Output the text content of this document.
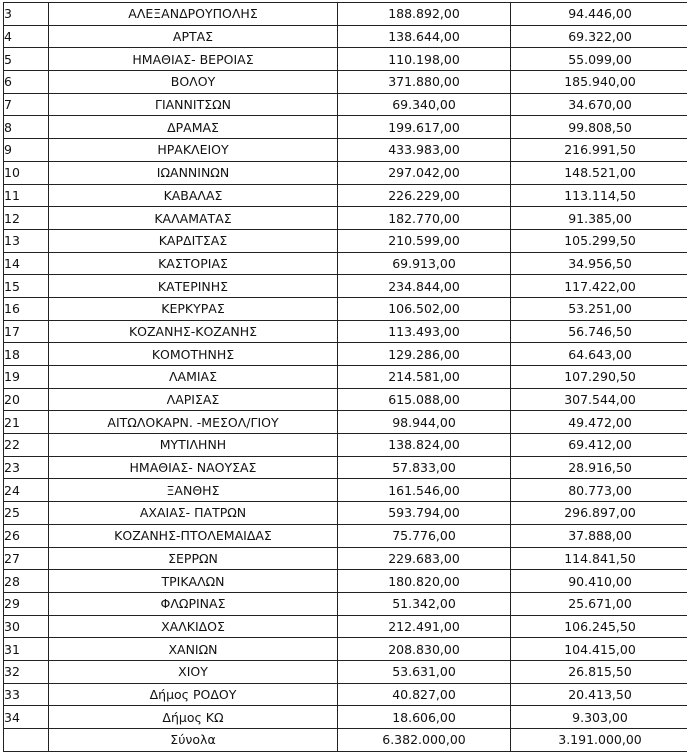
3	ΑΛΕΞΑΝΔΡΟΥΠΟΛΗΣ	188.892,00	94.446,00
4	ΑΡΤΑΣ	138.644,00	69.322,00
5	ΗΜΑΘΙΑΣ- ΒΕΡΟΙΑΣ	110.198,00	55.099,00
6	ΒΟΛΟΥ	371.880,00	185.940,00
7	ΓΙΑΝΝΙΤΣΩΝ	69.340,00	34.670,00
8	ΔΡΑΜΑΣ	199.617,00	99.808,50
9	ΗΡΑΚΛΕΙΟΥ	433.983,00	216.991,50
10	ΙΩΑΝΝΙΝΩΝ	297.042,00	148.521,00
11	ΚΑΒΑΛΑΣ	226.229,00	113.114,50
12	ΚΑΛΑΜΑΤΑΣ	182.770,00	91.385,00
13	ΚΑΡΔΙΤΣΑΣ	210.599,00	105.299,50
14	ΚΑΣΤΟΡΙΑΣ	69.913,00	34.956,50
15	ΚΑΤΕΡΙΝΗΣ	234.844,00	117.422,00
16	ΚΕΡΚΥΡΑΣ	106.502,00	53.251,00
17	ΚΟΖΑΝΗΣ-ΚΟΖΑΝΗΣ	113.493,00	56.746,50
18	ΚΟΜΟΤΗΝΗΣ	129.286,00	64.643,00
19	ΛΑΜΙΑΣ	214.581,00	107.290,50
20	ΛΑΡΙΣΑΣ	615.088,00	307.544,00
21	ΑΙΤΩΛΟΚΑΡΝ. -ΜΕΣΟΛ/ΓΙΟΥ	98.944,00	49.472,00
22	ΜΥΤΙΛΗΝΗ	138.824,00	69.412,00
23	ΗΜΑΘΙΑΣ- ΝΑΟΥΣΑΣ	57.833,00	28.916,50
24	ΞΑΝΘΗΣ	161.546,00	80.773,00
25	ΑΧΑΙΑΣ- ΠΑΤΡΩΝ	593.794,00	296.897,00
26	ΚΟΖΑΝΗΣ-ΠΤΟΛΕΜΑΙΔΑΣ	75.776,00	37.888,00
27	ΣΕΡΡΩΝ	229.683,00	114.841,50
28	ΤΡΙΚΑΛΩΝ	180.820,00	90.410,00
29	ΦΛΩΡΙΝΑΣ	51.342,00	25.671,00
30	ΧΑΛΚΙΔΟΣ	212.491,00	106.245,50
31	ΧΑΝΙΩΝ	208.830,00	104.415,00
32	ΧΙΟΥ	53.631,00	26.815,50
33	Δήμος ΡΟΔΟΥ	40.827,00	20.413,50
34	Δήμος ΚΩ	18.606,00	9.303,00
	Σύνολα	6.382.000,00	3.191.000,00
